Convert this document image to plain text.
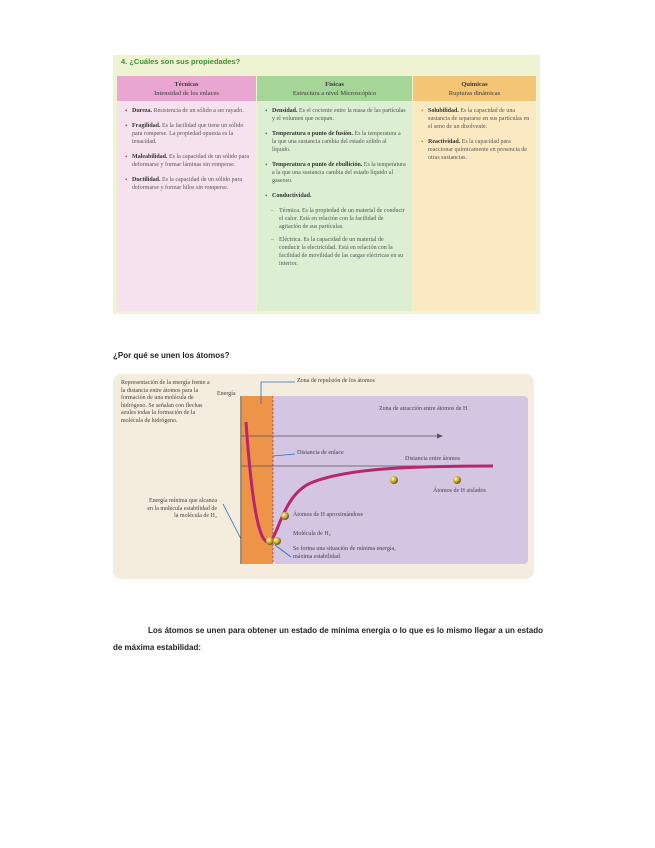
4. ¿Cuáles son sus propiedades?
Técnicas
Intensidad de los enlaces
• Dureza. Resistencia de un sólido a ser rayado.
• Fragilidad. Es la facilidad que tiene un sólido para romperse. La propiedad opuesta es la tenacidad.
• Maleabilidad. Es la capacidad de un sólido para deformarse y formar láminas sin romperse.
• Ductilidad. Es la capacidad de un sólido para deformarse y formar hilos sin romperse.
Físicas
Estructura a nivel Microscópico
• Densidad. Es el cociente entre la masa de las partículas y el volumen que ocupan.
• Temperatura o punto de fusión. Es la temperatura a la que una sustancia cambia del estado sólido al líquido.
• Temperatura o punto de ebullición. Es la temperatura a la que una sustancia cambia del estado líquido al gaseoso.
• Conductividad.
– Térmica. Es la propiedad de un material de conducir el calor. Está en relación con la facilidad de agitación de sus partículas.
– Eléctrica. Es la capacidad de un material de conducir la electricidad. Está en relación con la facilidad de movilidad de las cargas eléctricas en su interior.
Químicas
Rupturas dinámicas
• Solubilidad. Es la capacidad de una sustancia de separarse en sus partículas en el seno de un disolvente.
• Reactividad. Es la capacidad para reaccionar químicamente en presencia de otras sustancias.
¿Por qué se unen los átomos?
Representación de la energía frente a la distancia entre átomos para la formación de una molécula de hidrógeno. Se señalan con flechas azules todas la formación de la molécula de hidrógeno.
Energía
Zona de repulsión de los átomos
Zona de atracción entre átomos de H
Distancia de enlace
Distancia entre átomos
Átomos de H aislados
Átomos de H aproximándose
Molécula de H₂
Energía mínima que alcanza en la molécula estabilidad de la molécula de H₂
Se forma una situación de mínima energía, máxima estabilidad
Los átomos se unen para obtener un estado de mínima energía o lo que es lo mismo llegar a un estado de máxima estabilidad:
